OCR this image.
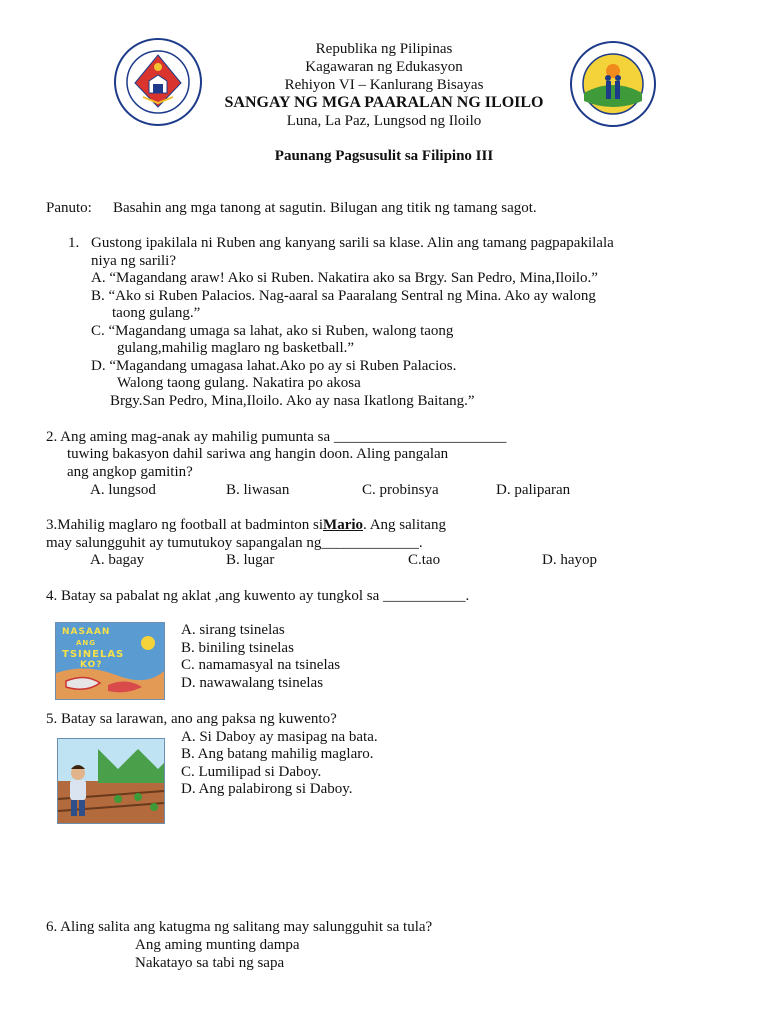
Republika ng Pilipinas
Kagawaran ng Edukasyon
Rehiyon VI – Kanlurang Bisayas
SANGAY NG MGA PAARALAN NG ILOILO
Luna, La Paz, Lungsod ng Iloilo
Paunang Pagsusulit sa Filipino III
Panuto: Basahin ang mga tanong at sagutin. Bilugan ang titik ng tamang sagot.
1. Gustong ipakilala ni Ruben ang kanyang sarili sa klase. Alin ang tamang pagpapakilala
niya ng sarili?
A. “Magandang araw! Ako si Ruben. Nakatira ako sa Brgy. San Pedro, Mina,Iloilo.”
B. “Ako si Ruben Palacios. Nag-aaral sa Paaralang Sentral ng Mina. Ako ay walong
taong gulang.”
C. “Magandang umaga sa lahat, ako si Ruben, walong taong
gulang,mahilig maglaro ng basketball.”
D. “Magandang umagasa lahat.Ako po ay si Ruben Palacios.
Walong taong gulang. Nakatira po akosa
Brgy.San Pedro, Mina,Iloilo. Ako ay nasa Ikatlong Baitang.”
2. Ang aming mag-anak ay mahilig pumunta sa _______________________
tuwing bakasyon dahil sariwa ang hangin doon. Aling pangalan
ang angkop gamitin?
A. lungsod	B. liwasan	C. probinsya	D. paliparan
3.Mahilig maglaro ng football at badminton siMario. Ang salitang
may salungguhit ay tumutukoy sapangalan ng_____________.
A. bagay	B. lugar	C.tao	D. hayop
4. Batay sa pabalat ng aklat ,ang kuwento ay tungkol sa ___________.
NASAAN
ANG
TSINELAS
KO?
A. sirang tsinelas
B. biniling tsinelas
C. namamasyal na tsinelas
D. nawawalang tsinelas
5. Batay sa larawan, ano ang paksa ng kuwento?
A. Si Daboy ay masipag na bata.
B. Ang batang mahilig maglaro.
C. Lumilipad si Daboy.
D. Ang palabirong si Daboy.
6. Aling salita ang katugma ng salitang may salungguhit sa tula?
Ang aming munting dampa
Nakatayo sa tabi ng sapa
